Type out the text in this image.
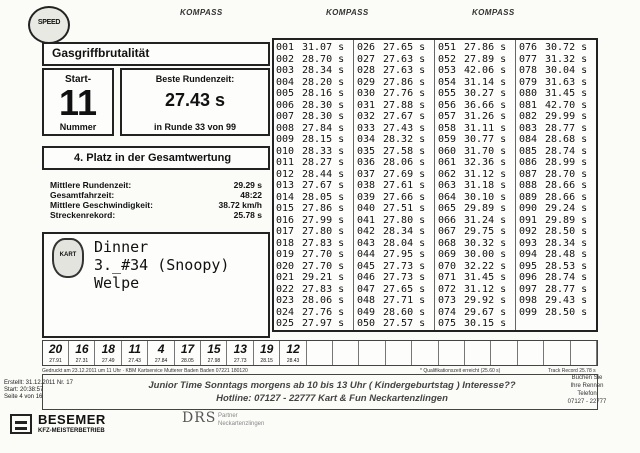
SPEED
KOMPASS	KOMPASS	KOMPASS
Gasgriffbrutalität
Start-
11
Nummer
Beste Rundenzeit:
27.43 s
in Runde 33 von 99
4. Platz in der Gesamtwertung
Mittlere Rundenzeit:	29.29 s
Gesamtfahrzeit:	48:22
Mittlere Geschwindigkeit:	38.72 km/h
Streckenrekord:	25.78 s
KART	Dinner
3._#34 (Snoopy)
Welpe
001 31.07 s
002 28.70 s
003 28.34 s
004 28.20 s
005 28.16 s
006 28.30 s
007 28.30 s
008 27.84 s
009 28.15 s
010 28.33 s
011 28.27 s
012 28.44 s
013 27.67 s
014 28.05 s
015 27.86 s
016 27.99 s
017 27.80 s
018 27.83 s
019 27.70 s
020 27.70 s
021 29.21 s
022 27.83 s
023 28.06 s
024 27.76 s
025 27.97 s
026 27.65 s
027 27.63 s
028 27.63 s
029 27.86 s
030 27.76 s
031 27.88 s
032 27.67 s
033 27.43 s
034 28.32 s
035 27.58 s
036 28.06 s
037 27.69 s
038 27.61 s
039 27.66 s
040 27.51 s
041 27.80 s
042 28.34 s
043 28.04 s
044 27.95 s
045 27.73 s
046 27.73 s
047 27.65 s
048 27.71 s
049 28.60 s
050 27.57 s
051 27.86 s
052 27.89 s
053 42.06 s
054 31.14 s
055 30.27 s
056 36.66 s
057 31.26 s
058 31.11 s
059 30.77 s
060 31.70 s
061 32.36 s
062 31.12 s
063 31.18 s
064 30.10 s
065 29.89 s
066 31.24 s
067 29.75 s
068 30.32 s
069 30.00 s
070 32.22 s
071 31.45 s
072 31.12 s
073 29.92 s
074 29.67 s
075 30.15 s
076 30.72 s
077 31.32 s
078 30.04 s
079 31.63 s
080 31.45 s
081 42.70 s
082 29.99 s
083 28.77 s
084 28.68 s
085 28.74 s
086 28.99 s
087 28.70 s
088 28.66 s
089 28.66 s
090 29.24 s
091 29.89 s
092 28.50 s
093 28.34 s
094 28.48 s
095 28.53 s
096 28.74 s
097 28.77 s
098 29.43 s
099 28.50 s
20
27.91
16
27.31
18
27.49
11
27.43
4
27.84
17
28.05
15
27.98
13
27.73
19
28.15
12
28.43
Gedruckt am 23.12.2011 um 11 Uhr · KBM Kartservice Mutterer Baden Baden 07221 180120	* Qualifikationszeit erreicht (25.60 s)	Track Record 25.78 s
Erstellt: 31.12.2011 Nr. 17
Start: 20:38:57
Seite 4 von 16
Junior Time Sonntags morgens ab 10 bis 13 Uhr ( Kindergeburtstag ) Interesse??
Hotline: 07127 - 22777 Kart & Fun Neckartenzlingen
Buchen Sie
Ihre Rennen
Telefon
07127 - 22777
BESEMER
KFZ-MEISTERBETRIEB
DRS Partner
Neckartenzlingen
